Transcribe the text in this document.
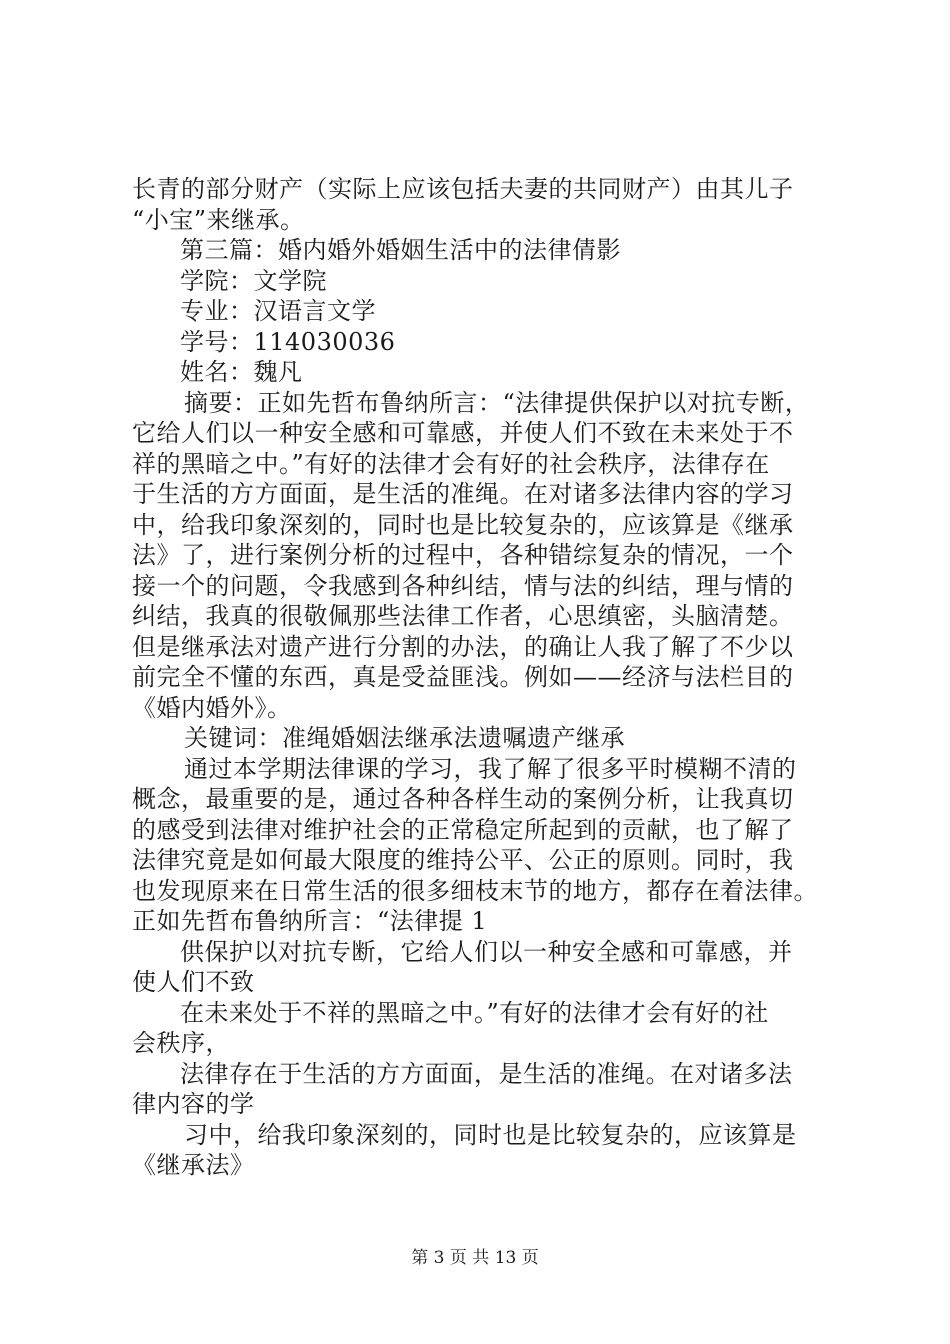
长青的部分财产（实际上应该包括夫妻的共同财产）由其儿子
“小宝”来继承。
第三篇：婚内婚外婚姻生活中的法律倩影
学院：文学院
专业：汉语言文学
学号：114030036
姓名：魏凡
摘要：正如先哲布鲁纳所言：“法律提供保护以对抗专断，
它给人们以一种安全感和可靠感，并使人们不致在未来处于不
祥的黑暗之中。”有好的法律才会有好的社会秩序，法律存在
于生活的方方面面，是生活的准绳。在对诸多法律内容的学习
中，给我印象深刻的，同时也是比较复杂的，应该算是《继承
法》了，进行案例分析的过程中，各种错综复杂的情况，一个
接一个的问题，令我感到各种纠结，情与法的纠结，理与情的
纠结，我真的很敬佩那些法律工作者，心思缜密，头脑清楚。
但是继承法对遗产进行分割的办法，的确让人我了解了不少以
前完全不懂的东西，真是受益匪浅。例如——经济与法栏目的
《婚内婚外》。
关键词：准绳婚姻法继承法遗嘱遗产继承
通过本学期法律课的学习，我了解了很多平时模糊不清的
概念，最重要的是，通过各种各样生动的案例分析，让我真切
的感受到法律对维护社会的正常稳定所起到的贡献，也了解了
法律究竟是如何最大限度的维持公平、公正的原则。同时，我
也发现原来在日常生活的很多细枝末节的地方，都存在着法律。
正如先哲布鲁纳所言：“法律提 1
供保护以对抗专断，它给人们以一种安全感和可靠感，并
使人们不致
在未来处于不祥的黑暗之中。”有好的法律才会有好的社
会秩序，
法律存在于生活的方方面面，是生活的准绳。在对诸多法
律内容的学
习中，给我印象深刻的，同时也是比较复杂的，应该算是
《继承法》
第 3 页 共 13 页
